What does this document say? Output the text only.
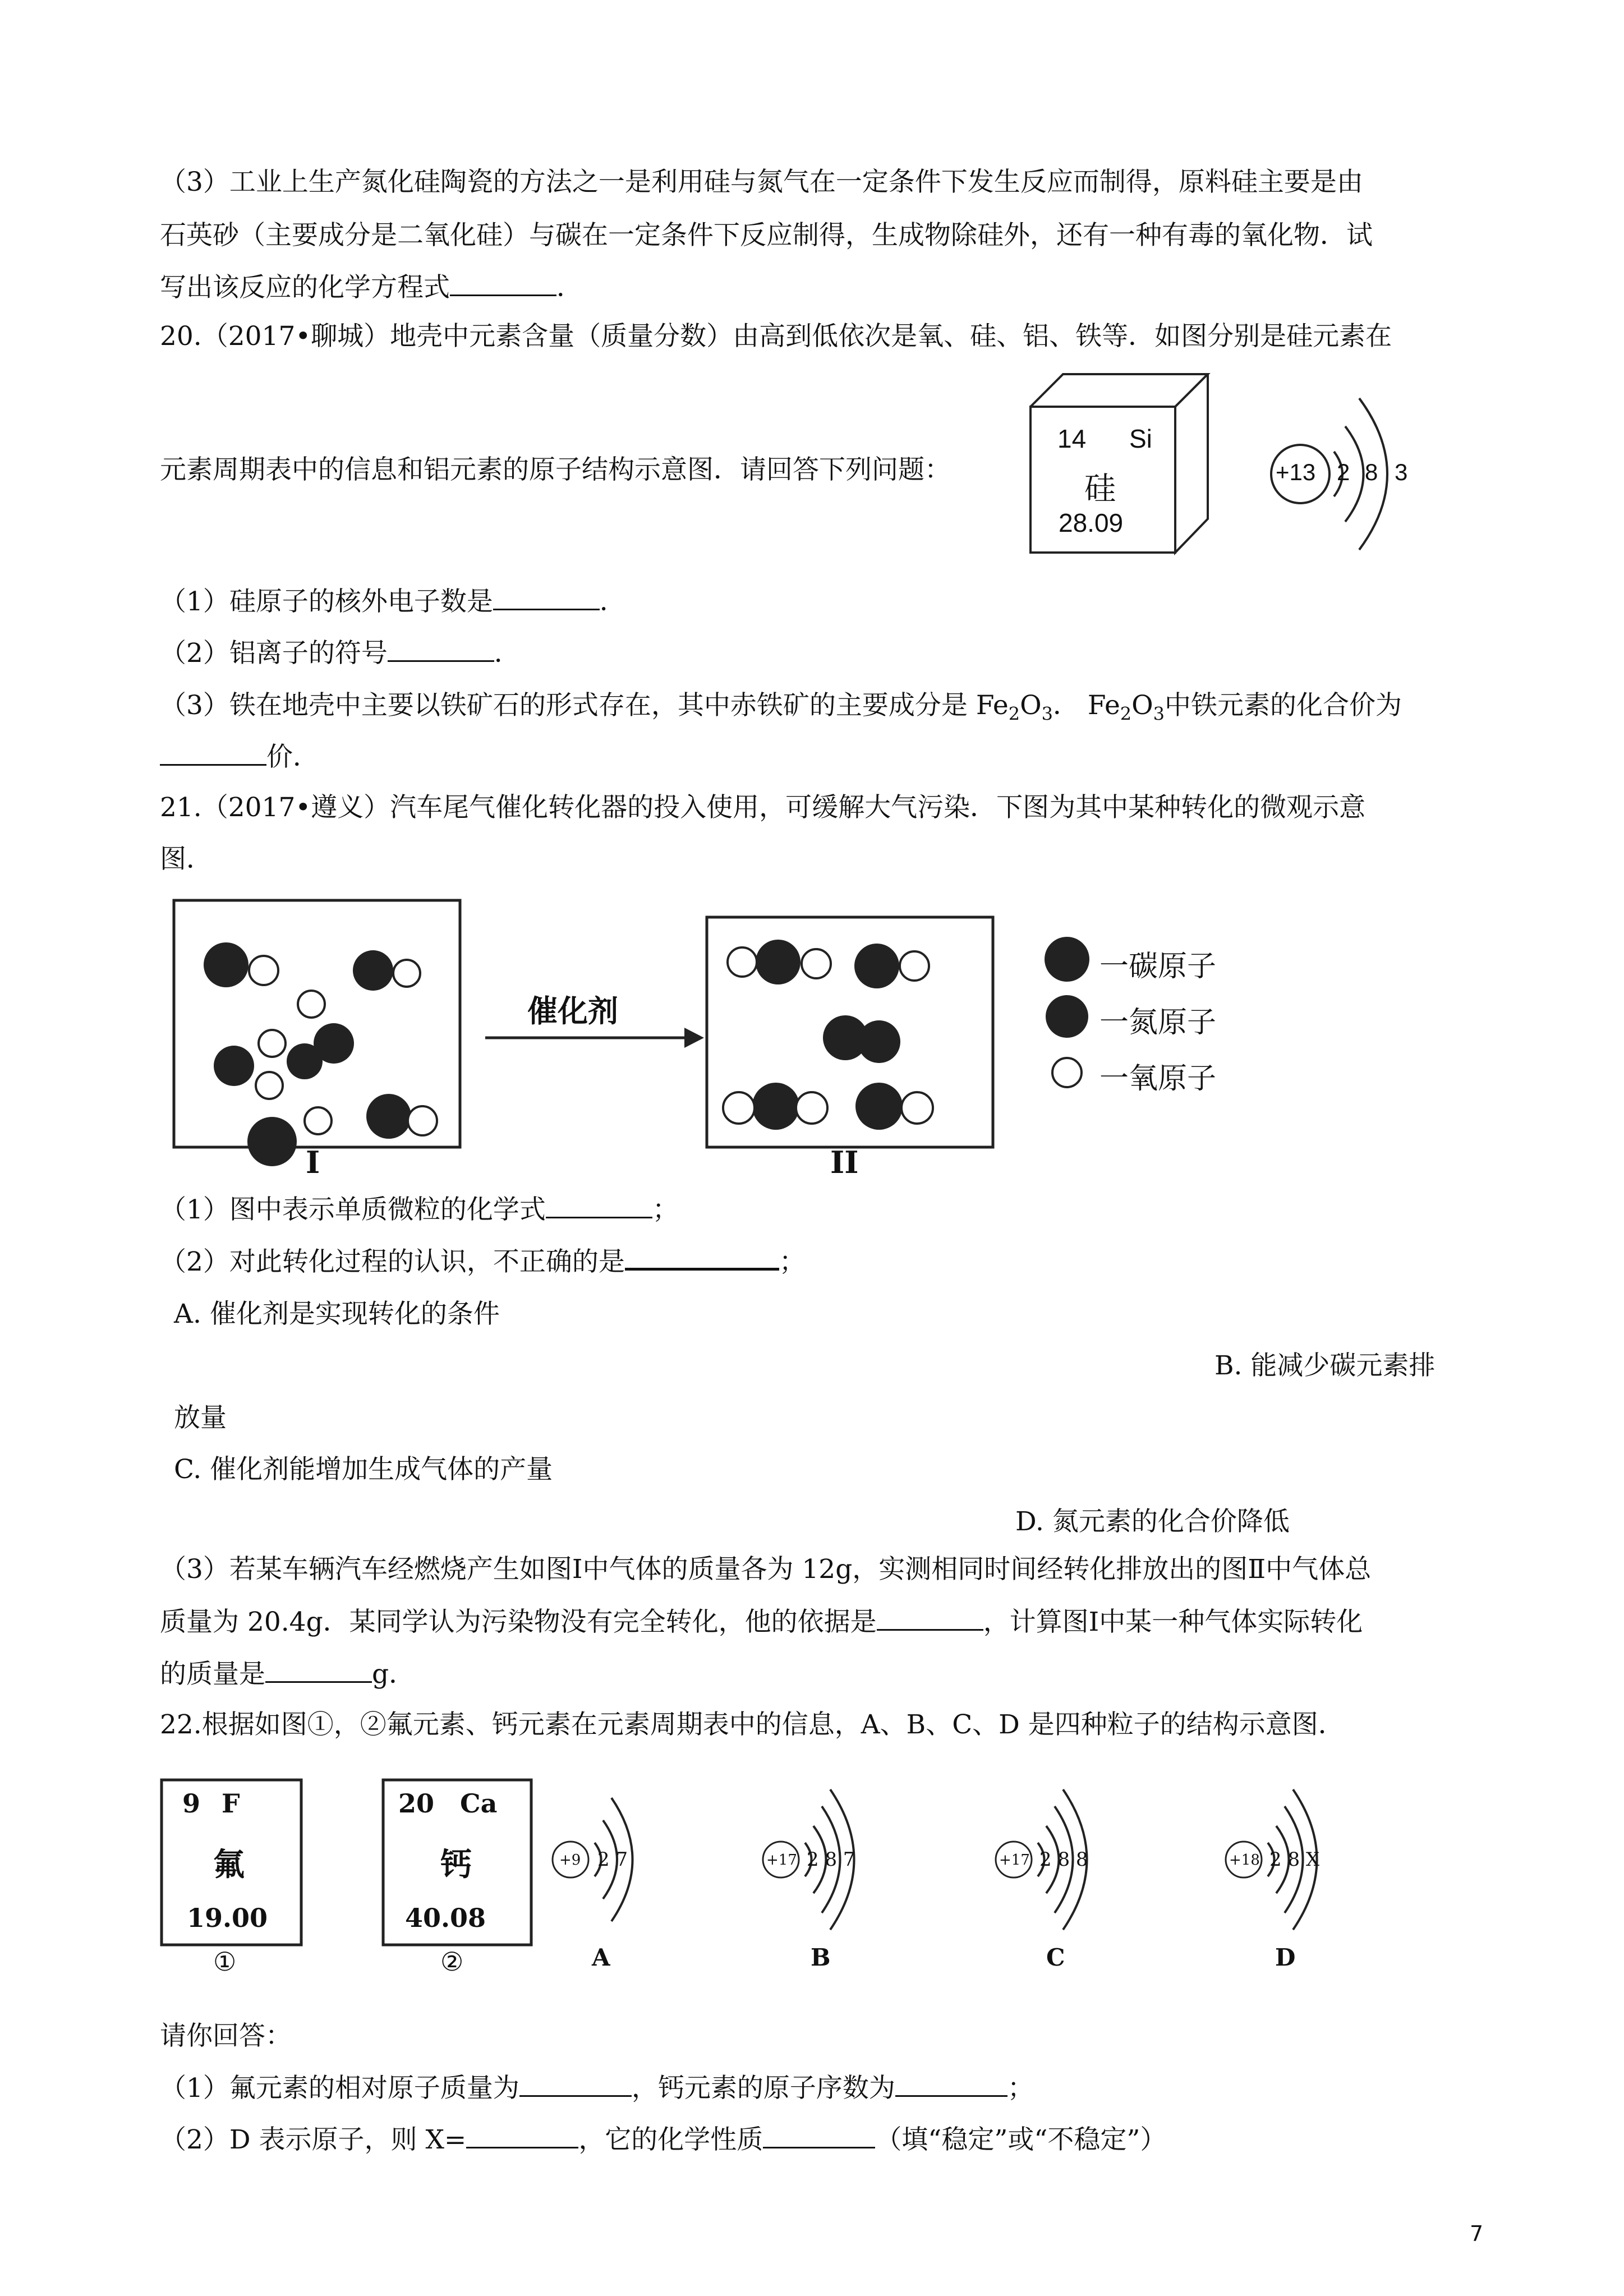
（3）工业上生产氮化硅陶瓷的方法之一是利用硅与氮气在一定条件下发生反应而制得，原料硅主要是由
石英砂（主要成分是二氧化硅）与碳在一定条件下反应制得，生成物除硅外，还有一种有毒的氧化物．试
写出该反应的化学方程式	．
20.（2017•聊城）地壳中元素含量（质量分数）由高到低依次是氧、硅、铝、铁等．如图分别是硅元素在
元素周期表中的信息和铝元素的原子结构示意图．请回答下列问题：
14 Si
硅
28.09
+13 2 8 3
（1）硅原子的核外电子数是	．
（2）铝离子的符号	．
（3）铁在地壳中主要以铁矿石的形式存在，其中赤铁矿的主要成分是 $Fe_2O_3$． $Fe_2O_3$中铁元素的化合价为
价．
21.（2017•遵义）汽车尾气催化转化器的投入使用，可缓解大气污染．下图为其中某种转化的微观示意
图．
催化剂
I	II
一碳原子
一氮原子
一氧原子
（1）图中表示单质微粒的化学式	；
（2）对此转化过程的认识，不正确的是	；
A. 催化剂是实现转化的条件
B. 能减少碳元素排
放量
C. 催化剂能增加生成气体的产量
D. 氮元素的化合价降低
（3）若某车辆汽车经燃烧产生如图Ⅰ中气体的质量各为 12g，实测相同时间经转化排放出的图Ⅱ中气体总
质量为 20.4g．某同学认为污染物没有完全转化，他的依据是	，计算图Ⅰ中某一种气体实际转化
的质量是	g．
22.根据如图①，②氟元素、钙元素在元素周期表中的信息，A、B、C、D 是四种粒子的结构示意图．
9 F
氟
19.00
①
20 Ca
钙
40.08
②
+9 2 7
A
+17 2 8 7
B
+17 2 8 8
C
+18 2 8 X
D
请你回答：
（1）氟元素的相对原子质量为	，钙元素的原子序数为	；
（2）D 表示原子，则 X=	，它的化学性质	（填“稳定”或“不稳定”）
7
